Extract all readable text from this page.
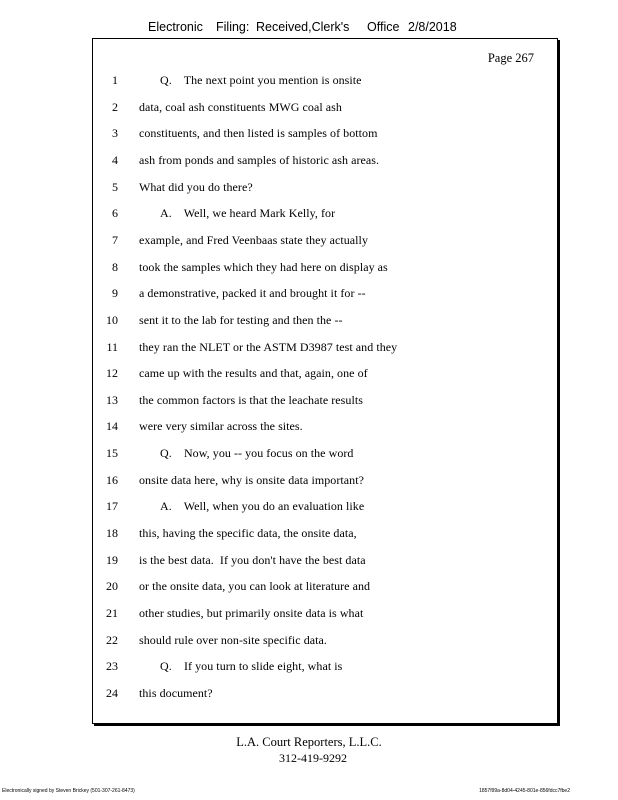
Electronic Filing: Received,Clerk's Office 2/8/2018
Page 267
1	Q.    The next point you mention is onsite
2 data, coal ash constituents MWG coal ash
3 constituents, and then listed is samples of bottom
4 ash from ponds and samples of historic ash areas.
5 What did you do there?
6	A.    Well, we heard Mark Kelly, for
7 example, and Fred Veenbaas state they actually
8 took the samples which they had here on display as
9 a demonstrative, packed it and brought it for --
10 sent it to the lab for testing and then the --
11 they ran the NLET or the ASTM D3987 test and they
12 came up with the results and that, again, one of
13 the common factors is that the leachate results
14 were very similar across the sites.
15	Q.    Now, you -- you focus on the word
16 onsite data here, why is onsite data important?
17	A.    Well, when you do an evaluation like
18 this, having the specific data, the onsite data,
19 is the best data.  If you don't have the best data
20 or the onsite data, you can look at literature and
21 other studies, but primarily onsite data is what
22 should rule over non-site specific data.
23	Q.    If you turn to slide eight, what is
24 this document?
L.A. Court Reporters, L.L.C.
312-419-9292
Electronically signed by Steven Brickey (501-307-261-8473)	1857f99a-8d04-4245-801e-856fdcc7fbe2
